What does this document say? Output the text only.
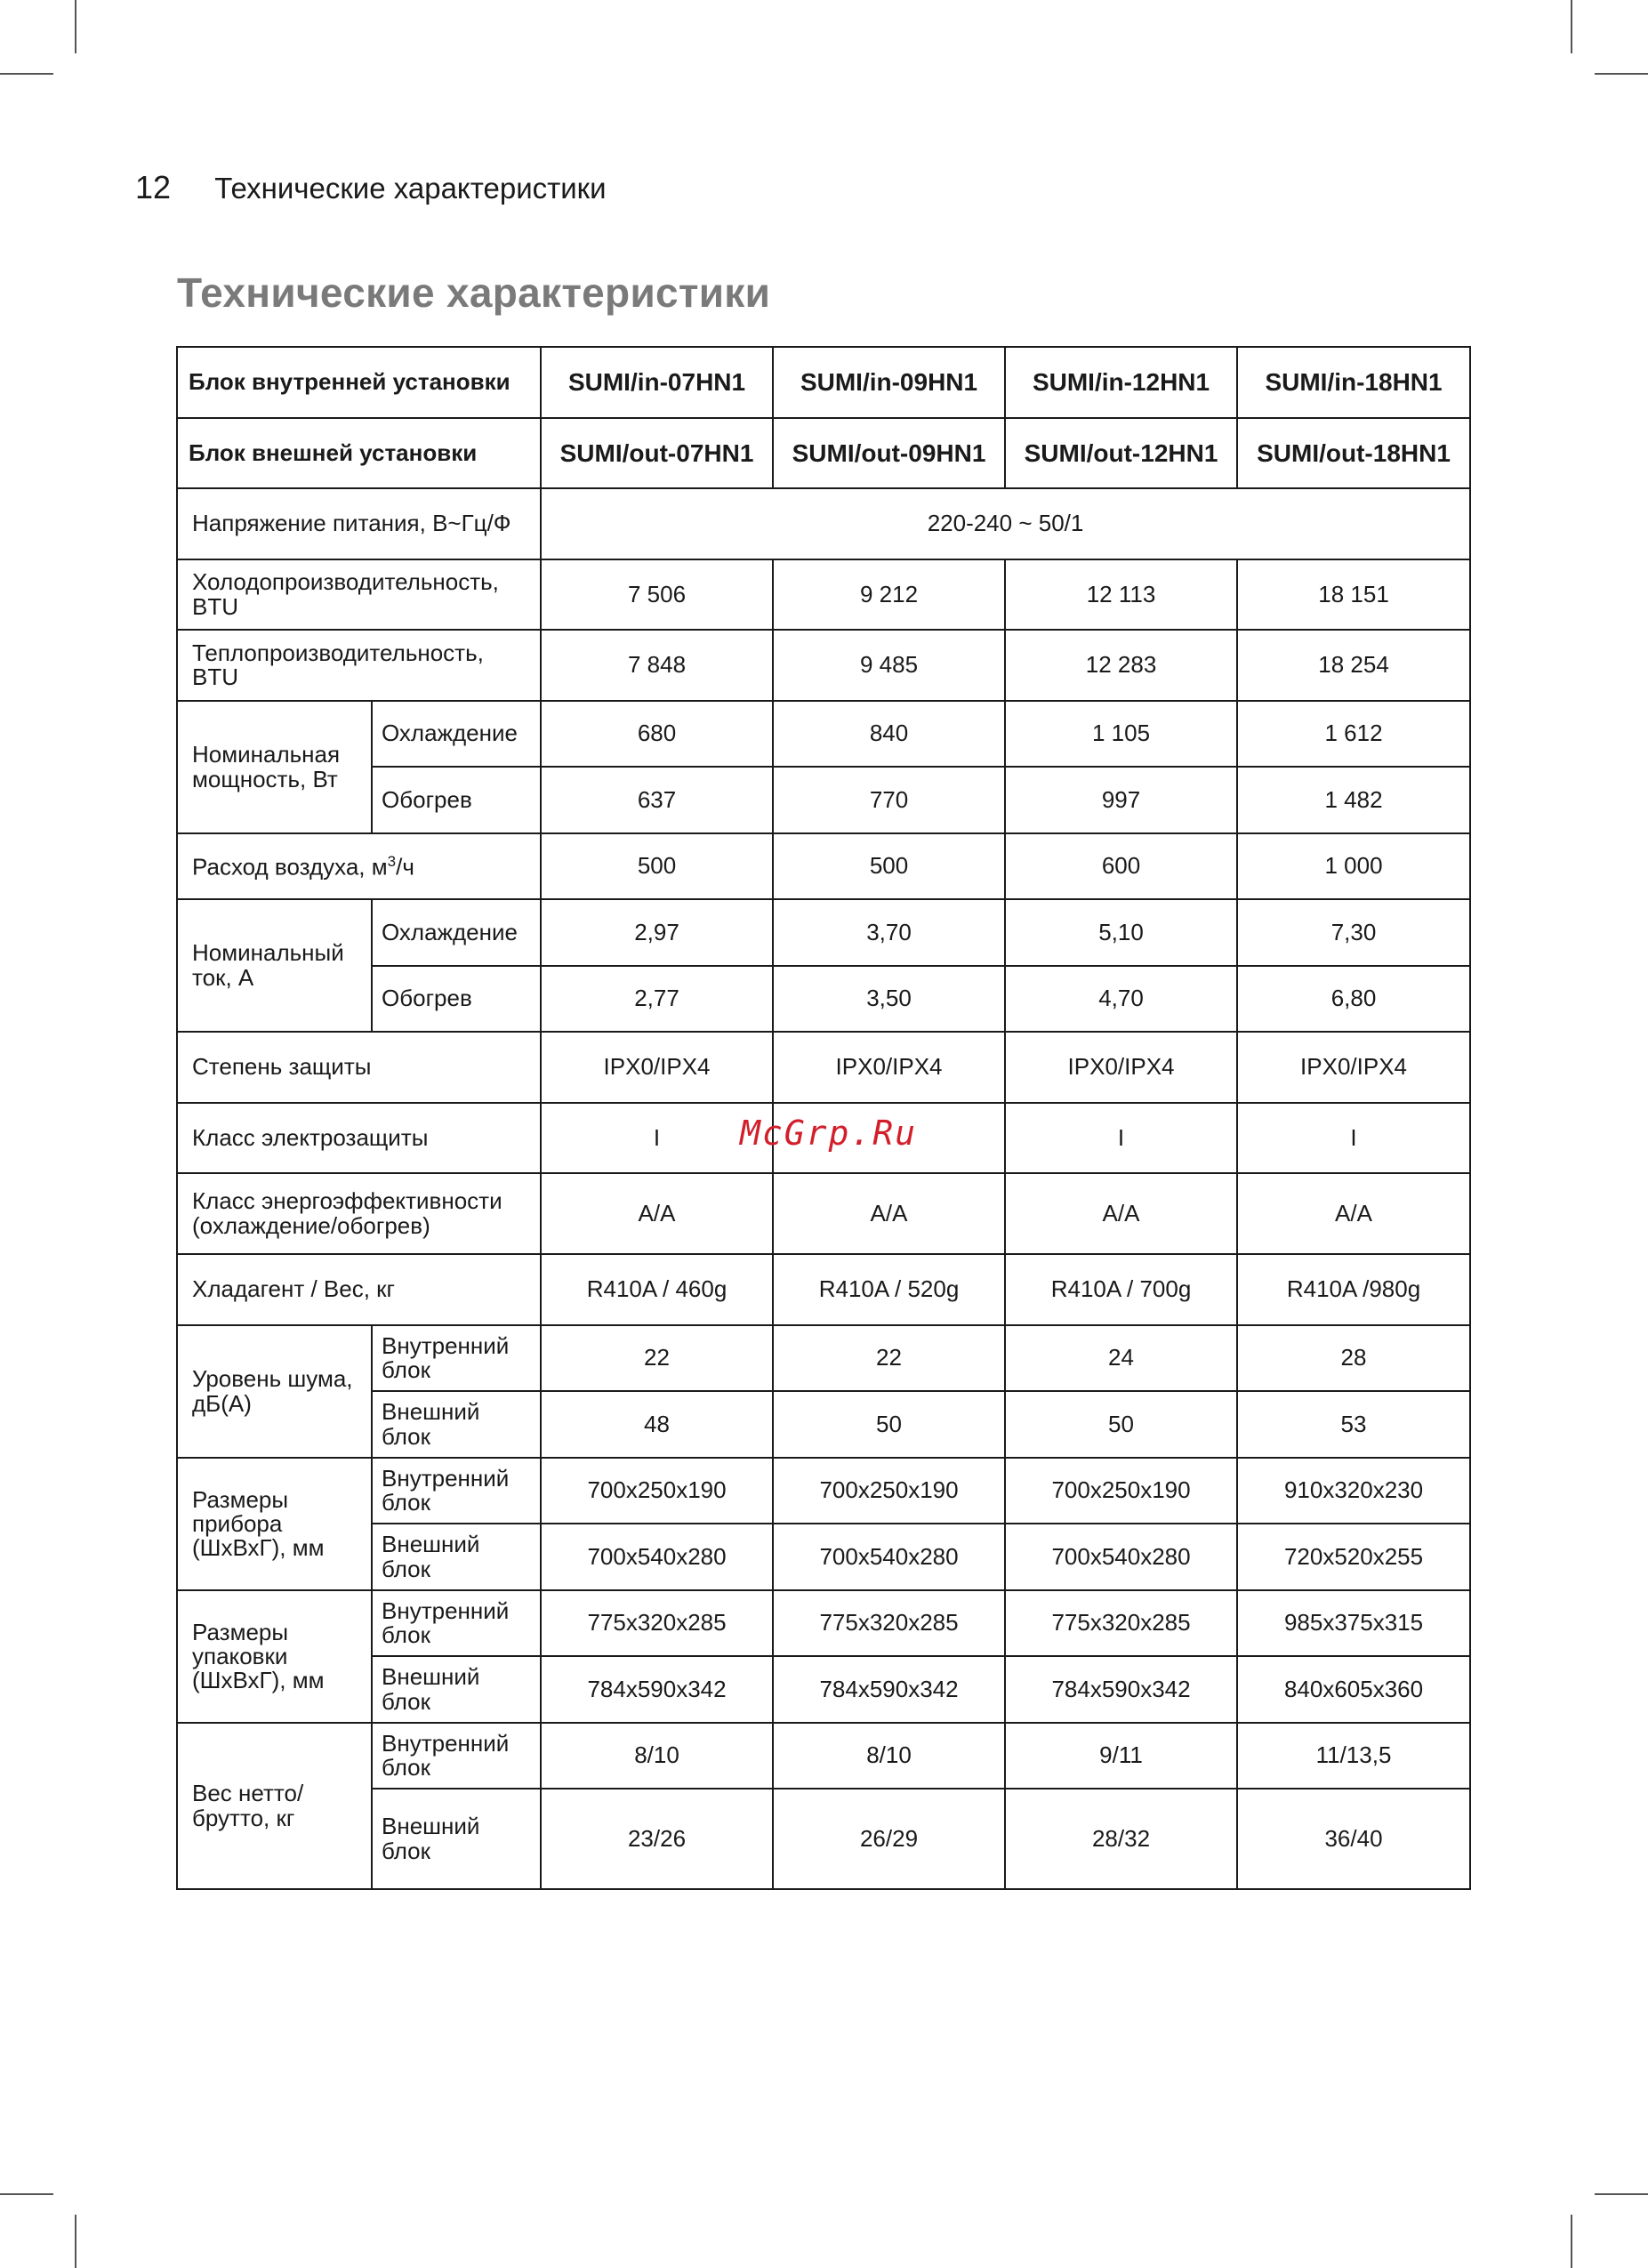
12 Технические характеристики
Технические характеристики
Блок внутренней установки		SUMI/in-07HN1	SUMI/in-09HN1	SUMI/in-12HN1	SUMI/in-18HN1
Блок внешней установки		SUMI/out-07HN1	SUMI/out-09HN1	SUMI/out-12HN1	SUMI/out-18HN1
Напряжение питания, В~Гц/Ф		220-240 ~ 50/1			
Холодопроизводительность, BTU		7 506	9 212	12 113	18 151
Теплопроизводительность, BTU		7 848	9 485	12 283	18 254
Номинальная мощность, Вт	Охлаждение	680	840	1 105	1 612
	Обогрев	637	770	997	1 482
Расход воздуха, $м^3/ч$		500	500	600	1 000
Номинальный ток, А	Охлаждение	2,97	3,70	5,10	7,30
	Обогрев	2,77	3,50	4,70	6,80
Степень защиты		IPX0/IPX4	IPX0/IPX4	IPX0/IPX4	IPX0/IPX4
Класс электрозащиты		I		I	I
Класс энергоэффективности (охлаждение/обогрев)		A/A	A/A	A/A	A/A
Хладагент / Вес, кг		R410A / 460g	R410A / 520g	R410A / 700g	R410A /980g
Уровень шума, дБ(А)	Внутренний блок	22	22	24	28
	Внешний блок	48	50	50	53
Размеры прибора (ШхВхГ), мм	Внутренний блок	700x250x190	700x250x190	700x250x190	910x320x230
	Внешний блок	700x540x280	700x540x280	700x540x280	720x520x255
Размеры упаковки (ШхВхГ), мм	Внутренний блок	775x320x285	775x320x285	775x320x285	985x375x315
	Внешний блок	784x590x342	784x590x342	784x590x342	840x605x360
Вес нетто/ брутто, кг	Внутренний блок	8/10	8/10	9/11	11/13,5
	Внешний блок	23/26	26/29	28/32	36/40
McGrp.Ru
